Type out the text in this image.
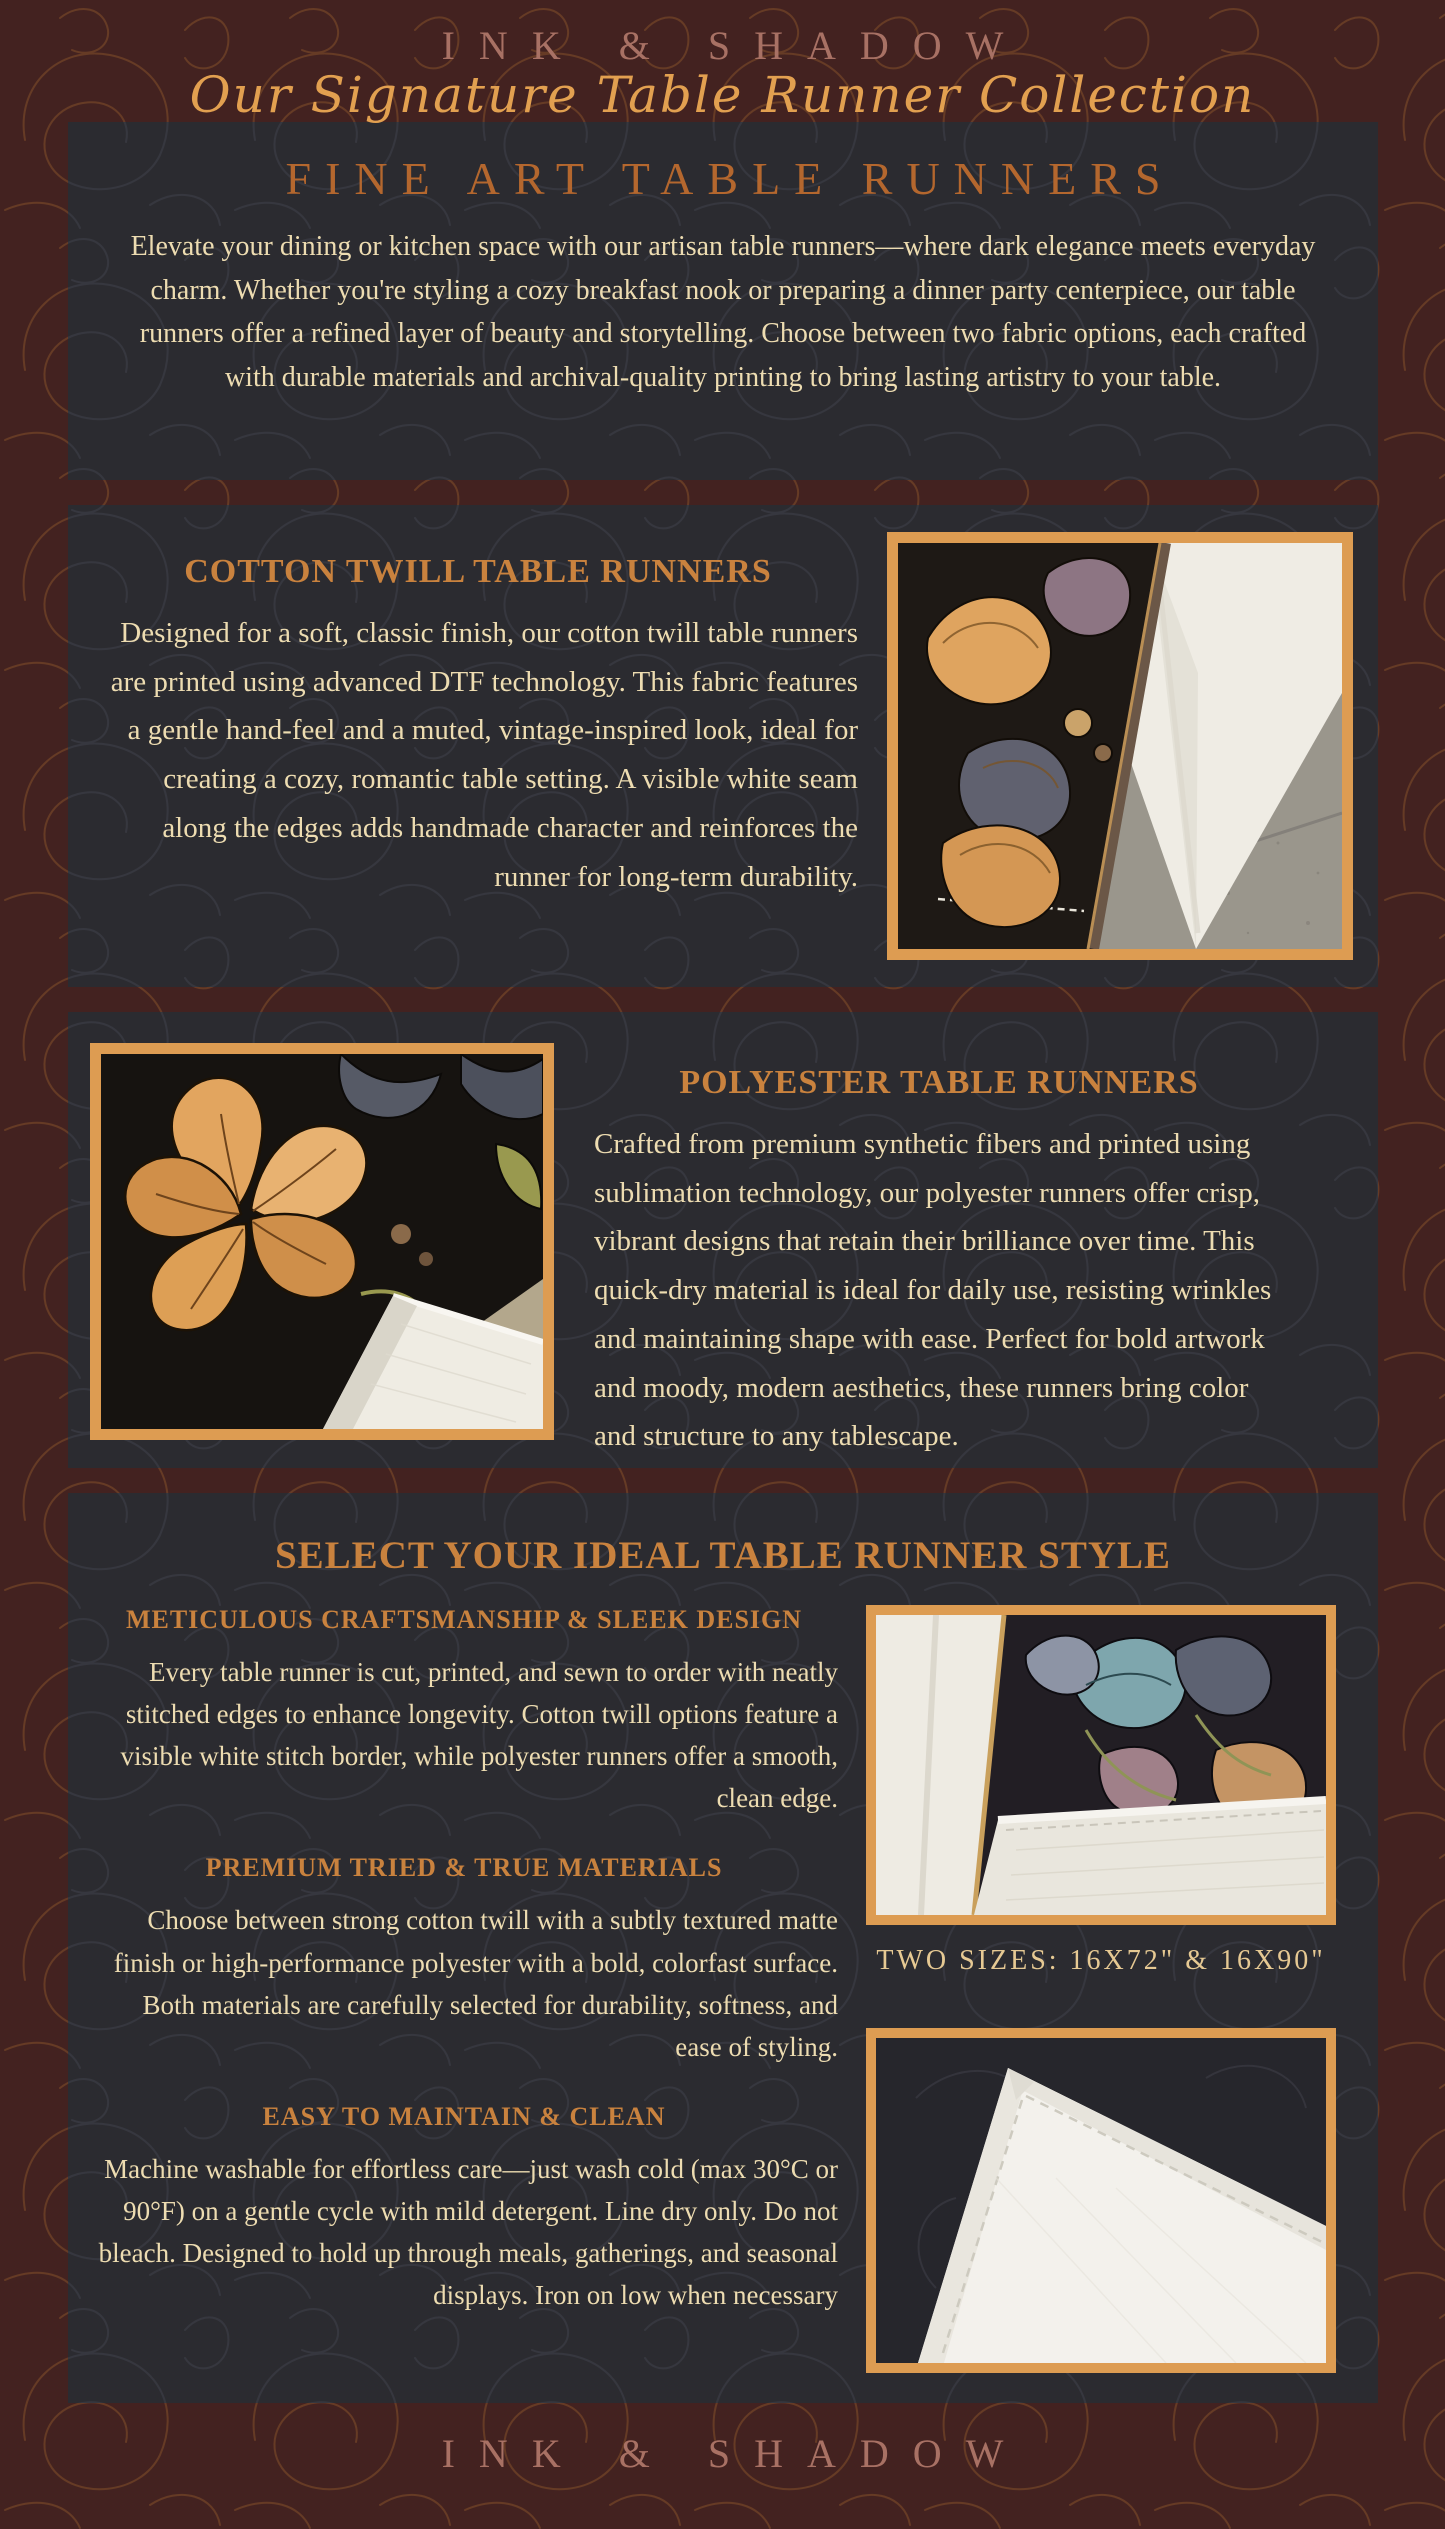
INK & SHADOW
Our Signature Table Runner Collection
FINE ART TABLE RUNNERS

Elevate your dining or kitchen space with our artisan table runners—where dark elegance meets everyday charm. Whether you're styling a cozy breakfast nook or preparing a dinner party centerpiece, our table runners offer a refined layer of beauty and storytelling. Choose between two fabric options, each crafted with durable materials and archival-quality printing to bring lasting artistry to your table.

COTTON TWILL TABLE RUNNERS

Designed for a soft, classic finish, our cotton twill table runners are printed using advanced DTF technology. This fabric features a gentle hand-feel and a muted, vintage-inspired look, ideal for creating a cozy, romantic table setting. A visible white seam along the edges adds handmade character and reinforces the runner for long-term durability.

POLYESTER TABLE RUNNERS

Crafted from premium synthetic fibers and printed using sublimation technology, our polyester runners offer crisp, vibrant designs that retain their brilliance over time. This quick-dry material is ideal for daily use, resisting wrinkles and maintaining shape with ease. Perfect for bold artwork and moody, modern aesthetics, these runners bring color and structure to any tablescape.

SELECT YOUR IDEAL TABLE RUNNER STYLE
METICULOUS CRAFTSMANSHIP & SLEEK DESIGN

Every table runner is cut, printed, and sewn to order with neatly stitched edges to enhance longevity. Cotton twill options feature a visible white stitch border, while polyester runners offer a smooth, clean edge.

PREMIUM TRIED & TRUE MATERIALS

Choose between strong cotton twill with a subtly textured matte finish or high-performance polyester with a bold, colorfast surface. Both materials are carefully selected for durability, softness, and ease of styling.

EASY TO MAINTAIN & CLEAN

Machine washable for effortless care—just wash cold (max 30°C or 90°F) on a gentle cycle with mild detergent. Line dry only. Do not bleach. Designed to hold up through meals, gatherings, and seasonal displays. Iron on low when necessary

TWO SIZES: 16X72" & 16X90"
INK & SHADOW
